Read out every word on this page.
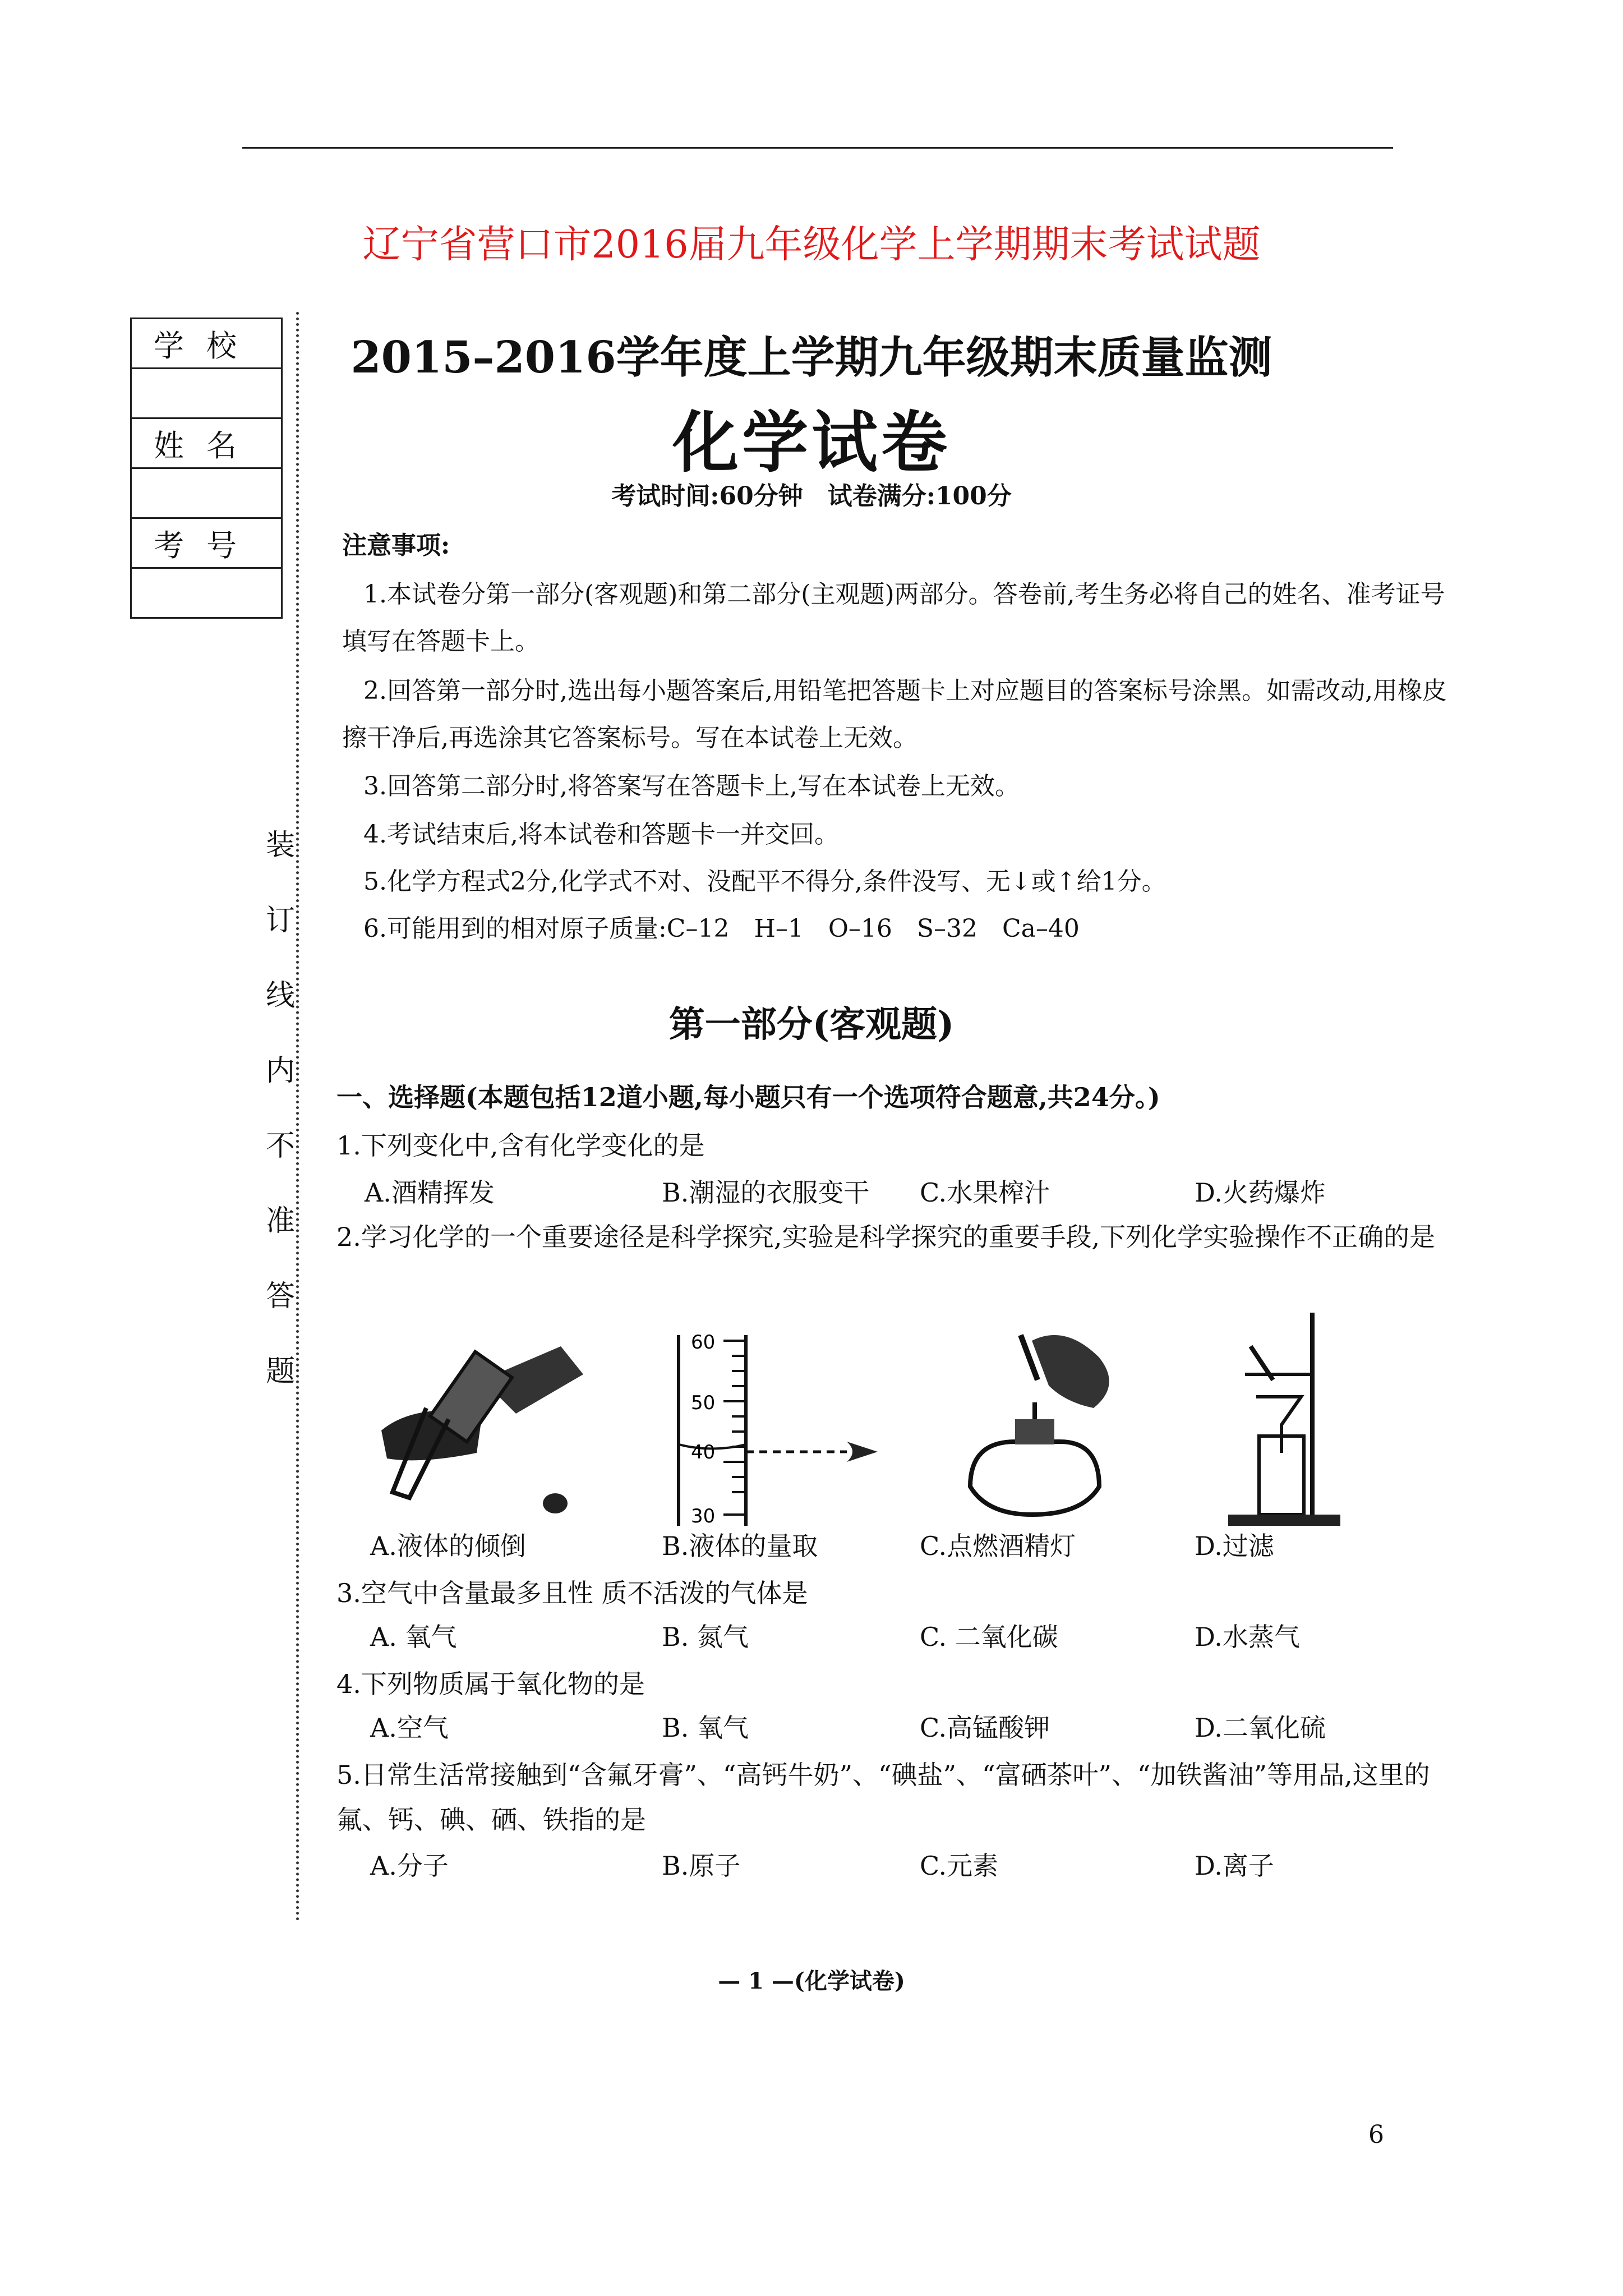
辽宁省营口市2016届九年级化学上学期期末考试试题
学校

姓名

考号

装订线内不准答题
2015–2016学年度上学期九年级期末质量监测
化学试卷
考试时间:60分钟　试卷满分:100分
注意事项:
1.本试卷分第一部分(客观题)和第二部分(主观题)两部分。答卷前,考生务必将自己的姓名、准考证号填写在答题卡上。
2.回答第一部分时,选出每小题答案后,用铅笔把答题卡上对应题目的答案标号涂黑。如需改动,用橡皮擦干净后,再选涂其它答案标号。写在本试卷上无效。
3.回答第二部分时,将答案写在答题卡上,写在本试卷上无效。
4.考试结束后,将本试卷和答题卡一并交回。
5.化学方程式2分,化学式不对、没配平不得分,条件没写、无↓或↑给1分。
6.可能用到的相对原子质量:C–12　H–1　O–16　S–32　Ca–40
第一部分(客观题)
一、选择题(本题包括12道小题,每小题只有一个选项符合题意,共24分。)
1.下列变化中,含有化学变化的是
A.酒精挥发	B.潮湿的衣服变干 C.水果榨汁	D.火药爆炸
2.学习化学的一个重要途径是科学探究,实验是科学探究的重要手段,下列化学实验操作不正确的是
60
50
40
30
A.液体的倾倒	B.液体的量取	C.点燃酒精灯	D.过滤
3.空气中含量最多且性 质不活泼的气体是
A. 氧气	B. 氮气	C. 二氧化碳	D.水蒸气
4.下列物质属于氧化物的是
A.空气	B. 氧气	C.高锰酸钾	D.二氧化硫
5.日常生活常接触到“含氟牙膏”、“高钙牛奶”、“碘盐”、“富硒茶叶”、“加铁酱油”等用品,这里的氟、钙、碘、硒、铁指的是
A.分子	B.原子	C.元素	D.离子
— 1 —(化学试卷)
6
